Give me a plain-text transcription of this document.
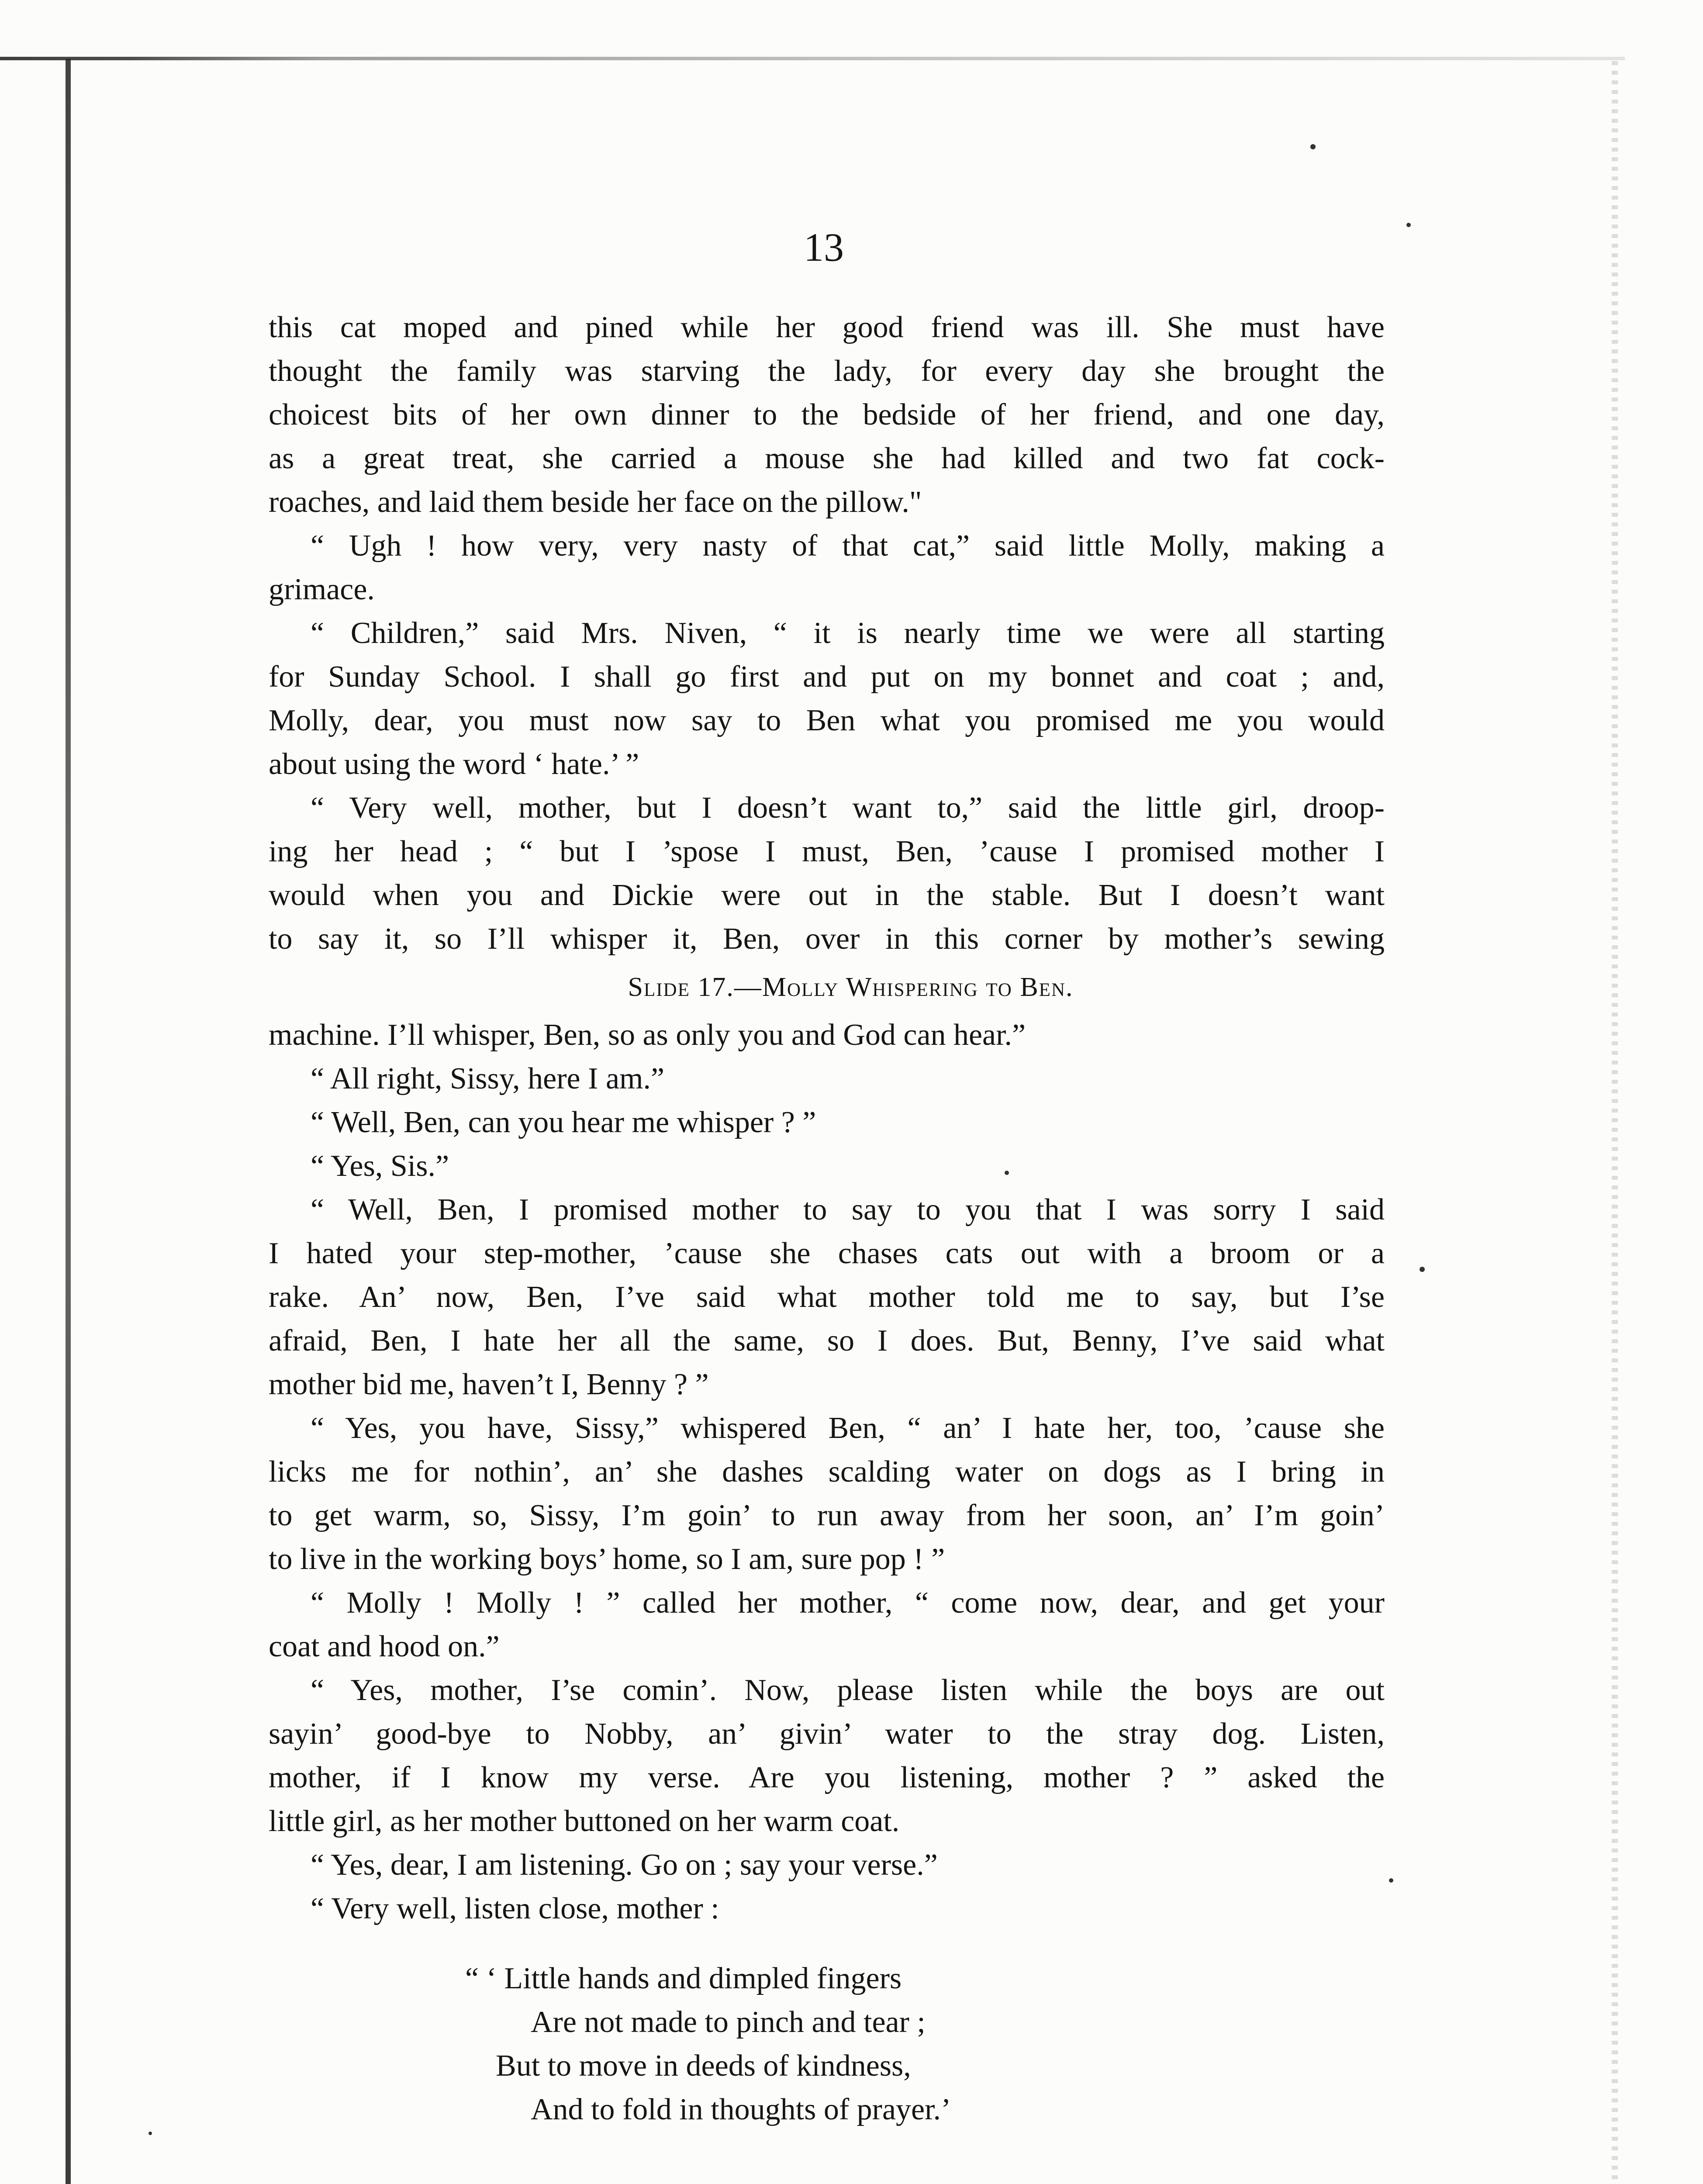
13
this cat moped and pined while her good friend was ill. She must have
thought the family was starving the lady, for every day she brought the
choicest bits of her own dinner to the bedside of her friend, and one day,
as a great treat, she carried a mouse she had killed and two fat cock-
roaches, and laid them beside her face on the pillow."
“ Ugh ! how very, very nasty of that cat,” said little Molly, making a
grimace.
“ Children,” said Mrs. Niven, “ it is nearly time we were all starting
for Sunday School. I shall go first and put on my bonnet and coat ; and,
Molly, dear, you must now say to Ben what you promised me you would
about using the word ‘ hate.’ ”
“ Very well, mother, but I doesn’t want to,” said the little girl, droop-
ing her head ; “ but I ’spose I must, Ben, ’cause I promised mother I
would when you and Dickie were out in the stable. But I doesn’t want
to say it, so I’ll whisper it, Ben, over in this corner by mother’s sewing
Slide 17.—Molly Whispering to Ben.
machine. I’ll whisper, Ben, so as only you and God can hear.”
“ All right, Sissy, here I am.”
“ Well, Ben, can you hear me whisper ? ”
“ Yes, Sis.”
“ Well, Ben, I promised mother to say to you that I was sorry I said
I hated your step-mother, ’cause she chases cats out with a broom or a
rake. An’ now, Ben, I’ve said what mother told me to say, but I’se
afraid, Ben, I hate her all the same, so I does. But, Benny, I’ve said what
mother bid me, haven’t I, Benny ? ”
“ Yes, you have, Sissy,” whispered Ben, “ an’ I hate her, too, ’cause she
licks me for nothin’, an’ she dashes scalding water on dogs as I bring in
to get warm, so, Sissy, I’m goin’ to run away from her soon, an’ I’m goin’
to live in the working boys’ home, so I am, sure pop ! ”
“ Molly ! Molly ! ” called her mother, “ come now, dear, and get your
coat and hood on.”
“ Yes, mother, I’se comin’. Now, please listen while the boys are out
sayin’ good-bye to Nobby, an’ givin’ water to the stray dog. Listen,
mother, if I know my verse. Are you listening, mother ? ” asked the
little girl, as her mother buttoned on her warm coat.
“ Yes, dear, I am listening. Go on ; say your verse.”
“ Very well, listen close, mother :
“ ‘ Little hands and dimpled fingers
Are not made to pinch and tear ;
But to move in deeds of kindness,
And to fold in thoughts of prayer.’
